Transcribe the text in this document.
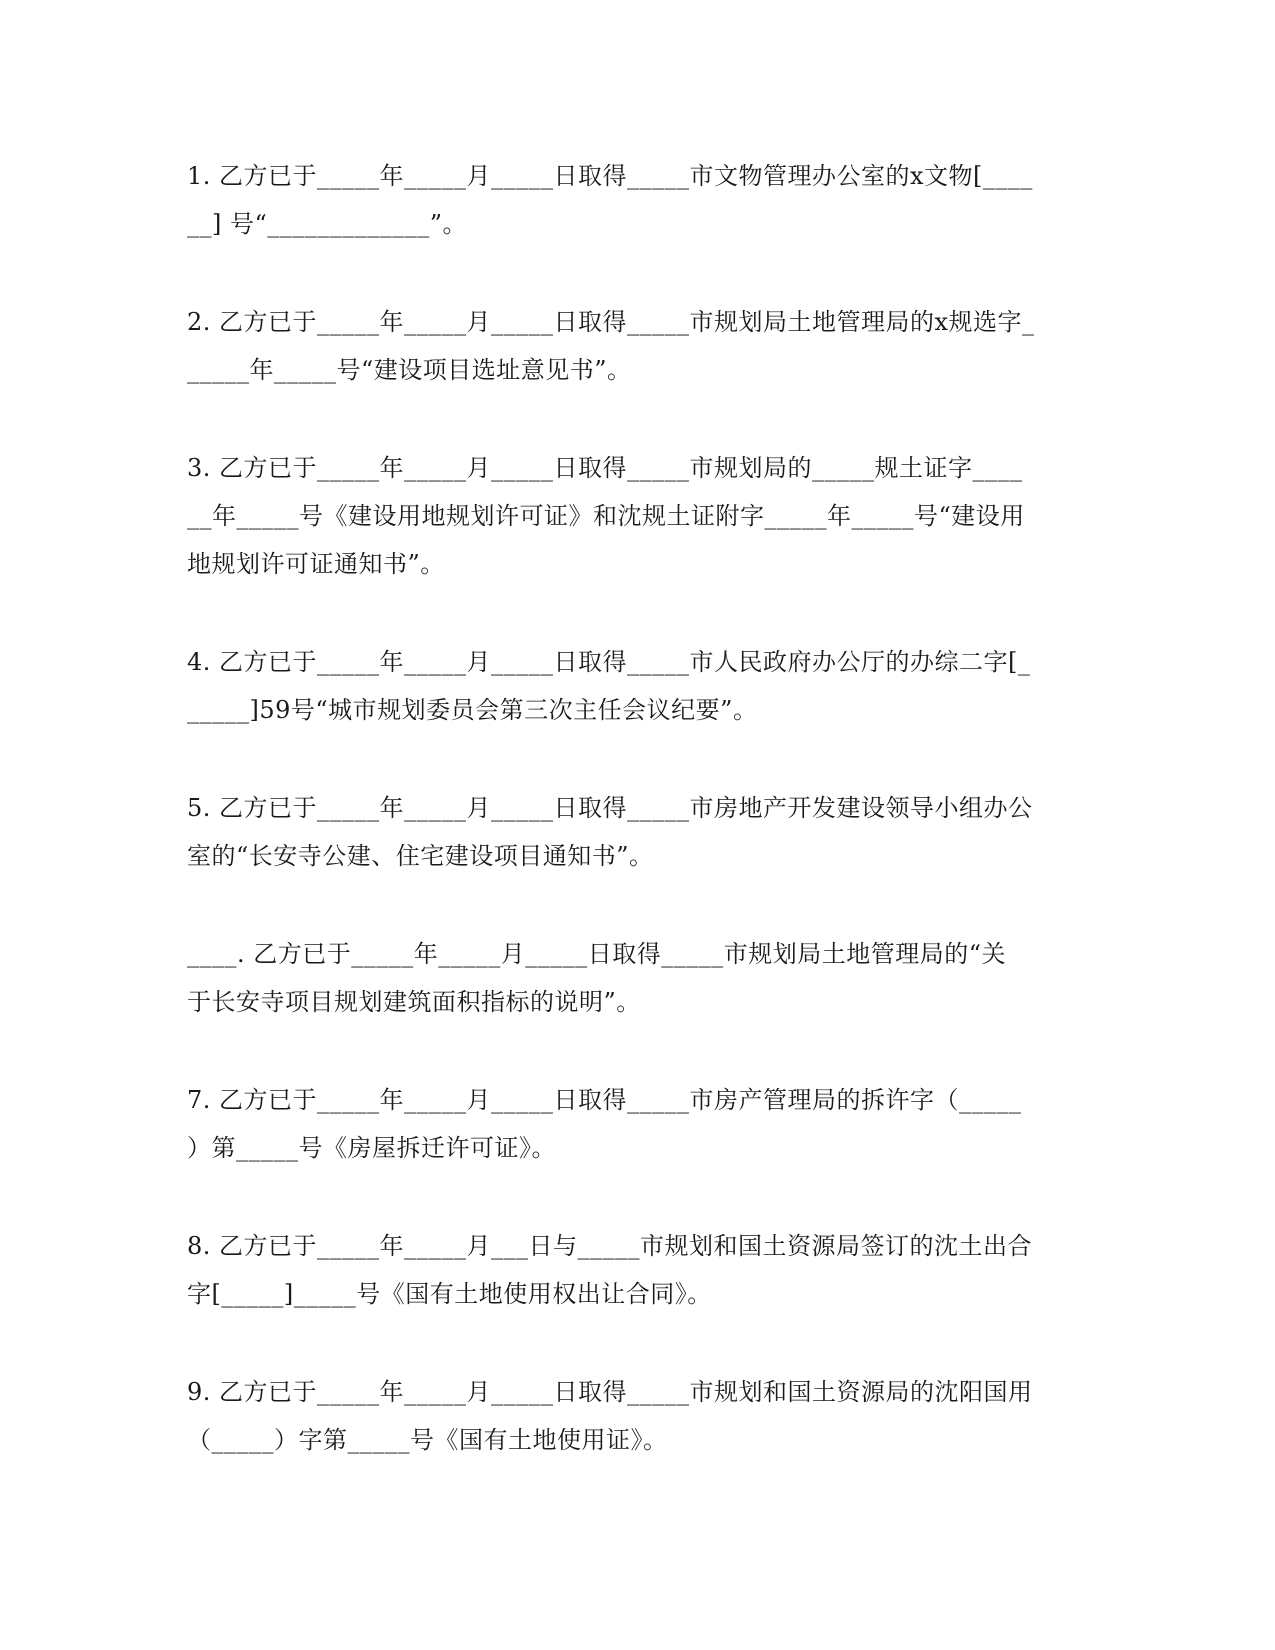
1. 乙方已于_____年_____月_____日取得_____市文物管理办公室的x文物[____
__] 号“_____________”。

2. 乙方已于_____年_____月_____日取得_____市规划局土地管理局的x规选字_
_____年_____号“建设项目选址意见书”。

3. 乙方已于_____年_____月_____日取得_____市规划局的_____规土证字____
__年_____号《建设用地规划许可证》和沈规土证附字_____年_____号“建设用
地规划许可证通知书”。

4. 乙方已于_____年_____月_____日取得_____市人民政府办公厅的办综二字[_
_____]59号“城市规划委员会第三次主任会议纪要”。

5. 乙方已于_____年_____月_____日取得_____市房地产开发建设领导小组办公
室的“长安寺公建、住宅建设项目通知书”。

____. 乙方已于_____年_____月_____日取得_____市规划局土地管理局的“关
于长安寺项目规划建筑面积指标的说明”。

7. 乙方已于_____年_____月_____日取得_____市房产管理局的拆许字（_____
）第_____号《房屋拆迁许可证》。

8. 乙方已于_____年_____月___日与_____市规划和国土资源局签订的沈土出合
字[_____]_____号《国有土地使用权出让合同》。

9. 乙方已于_____年_____月_____日取得_____市规划和国土资源局的沈阳国用
（_____）字第_____号《国有土地使用证》。
